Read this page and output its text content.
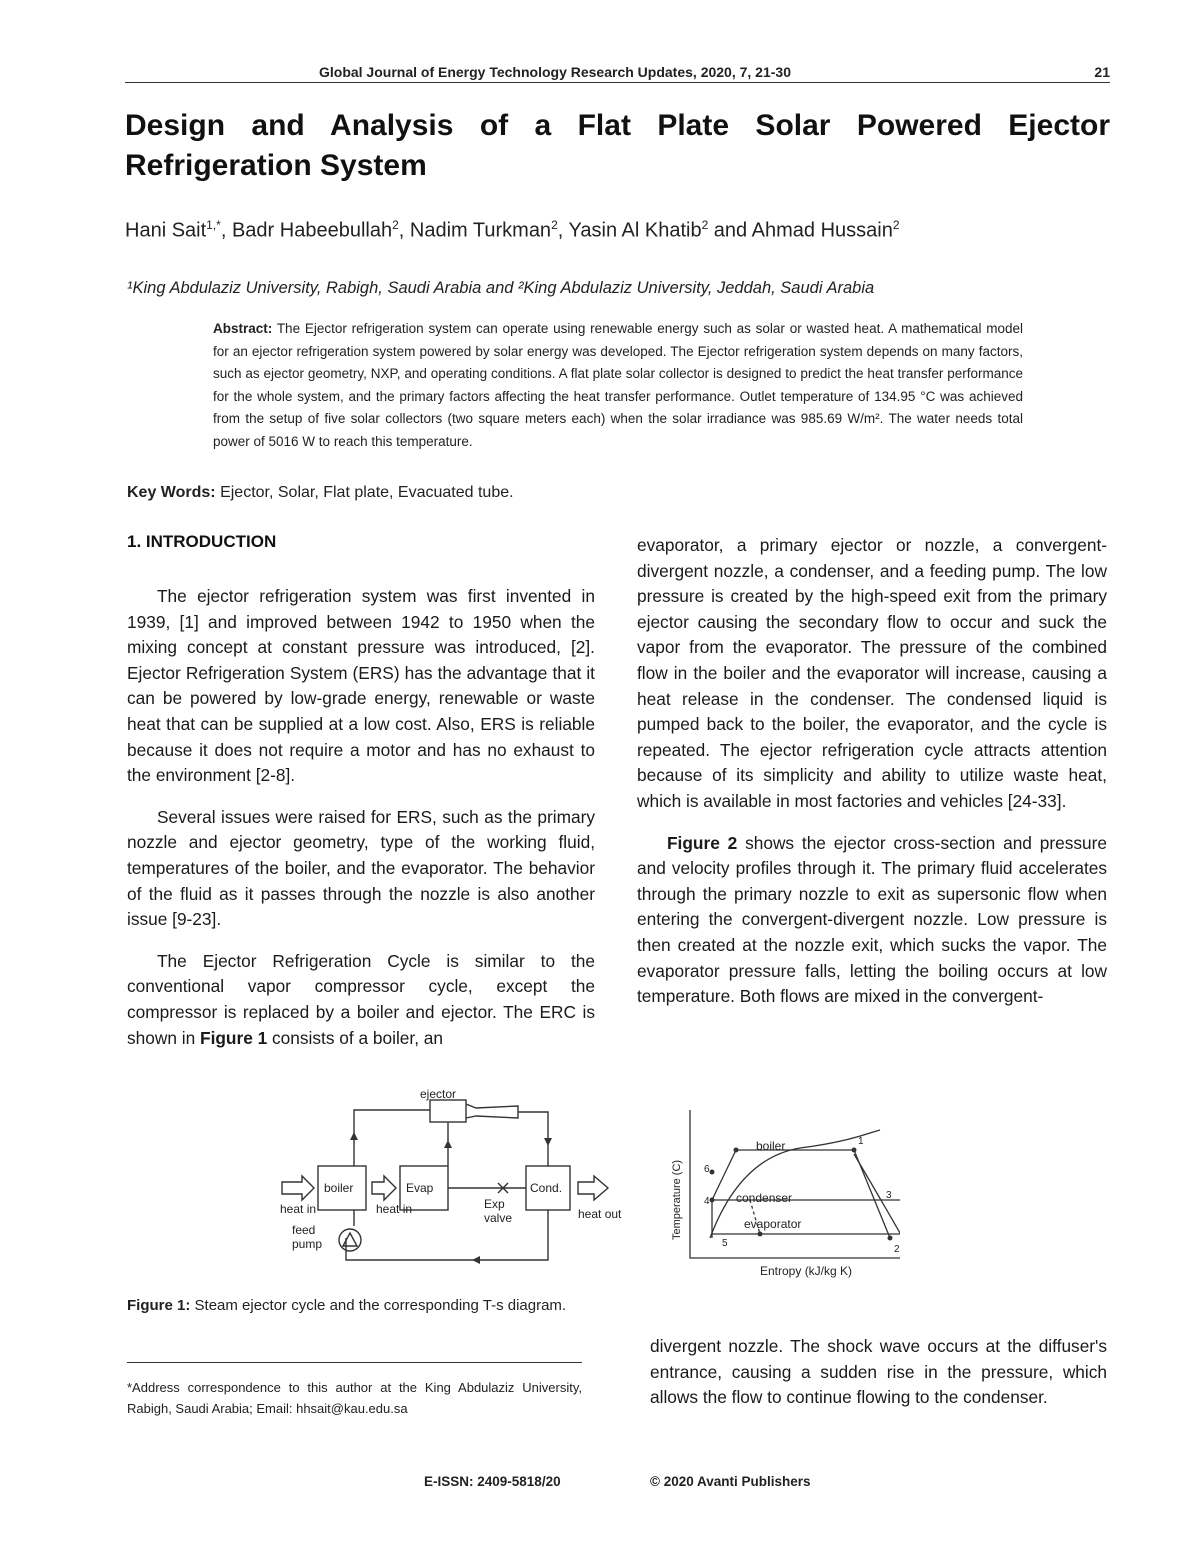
Global Journal of Energy Technology Research Updates, 2020, 7, 21-30	21
Design and Analysis of a Flat Plate Solar Powered Ejector Refrigeration System
Hani Sait$^{1,*}$, Badr Habeebullah$^2$, Nadim Turkman$^2$, Yasin Al Khatib$^2$ and Ahmad Hussain$^2$
¹King Abdulaziz University, Rabigh, Saudi Arabia and ²King Abdulaziz University, Jeddah, Saudi Arabia
Abstract: The Ejector refrigeration system can operate using renewable energy such as solar or wasted heat. A mathematical model for an ejector refrigeration system powered by solar energy was developed. The Ejector refrigeration system depends on many factors, such as ejector geometry, NXP, and operating conditions. A flat plate solar collector is designed to predict the heat transfer performance for the whole system, and the primary factors affecting the heat transfer performance. Outlet temperature of 134.95 °C was achieved from the setup of five solar collectors (two square meters each) when the solar irradiance was 985.69 W/m². The water needs total power of 5016 W to reach this temperature.
Key Words: Ejector, Solar, Flat plate, Evacuated tube.
1. INTRODUCTION

The ejector refrigeration system was first invented in 1939, [1] and improved between 1942 to 1950 when the mixing concept at constant pressure was introduced, [2]. Ejector Refrigeration System (ERS) has the advantage that it can be powered by low-grade energy, renewable or waste heat that can be supplied at a low cost. Also, ERS is reliable because it does not require a motor and has no exhaust to the environment [2-8].

Several issues were raised for ERS, such as the primary nozzle and ejector geometry, type of the working fluid, temperatures of the boiler, and the evaporator. The behavior of the fluid as it passes through the nozzle is also another issue [9-23].

The Ejector Refrigeration Cycle is similar to the conventional vapor compressor cycle, except the compressor is replaced by a boiler and ejector. The ERC is shown in Figure 1 consists of a boiler, an

evaporator, a primary ejector or nozzle, a convergent-divergent nozzle, a condenser, and a feeding pump. The low pressure is created by the high-speed exit from the primary ejector causing the secondary flow to occur and suck the vapor from the evaporator. The pressure of the combined flow in the boiler and the evaporator will increase, causing a heat release in the condenser. The condensed liquid is pumped back to the boiler, the evaporator, and the cycle is repeated. The ejector refrigeration cycle attracts attention because of its simplicity and ability to utilize waste heat, which is available in most factories and vehicles [24-33].

Figure 2 shows the ejector cross-section and pressure and velocity profiles through it. The primary fluid accelerates through the primary nozzle to exit as supersonic flow when entering the convergent-divergent nozzle. Low pressure is then created at the nozzle exit, which sucks the vapor. The evaporator pressure falls, letting the boiling occurs at low temperature. Both flows are mixed in the convergent-

ejector
boiler	Evap	Cond.
heat in	heat in	Exp
valve	heat out
feed
pump
boiler
condenser
evaporator
Entropy (kJ/kg K)
Temperature (C)
1
2
3
4
5
6
Figure 1: Steam ejector cycle and the corresponding T-s diagram.

divergent nozzle. The shock wave occurs at the diffuser's entrance, causing a sudden rise in the pressure, which allows the flow to continue flowing to the condenser.

*Address correspondence to this author at the King Abdulaziz University, Rabigh, Saudi Arabia; Email: hhsait@kau.edu.sa
E-ISSN: 2409-5818/20	© 2020 Avanti Publishers
